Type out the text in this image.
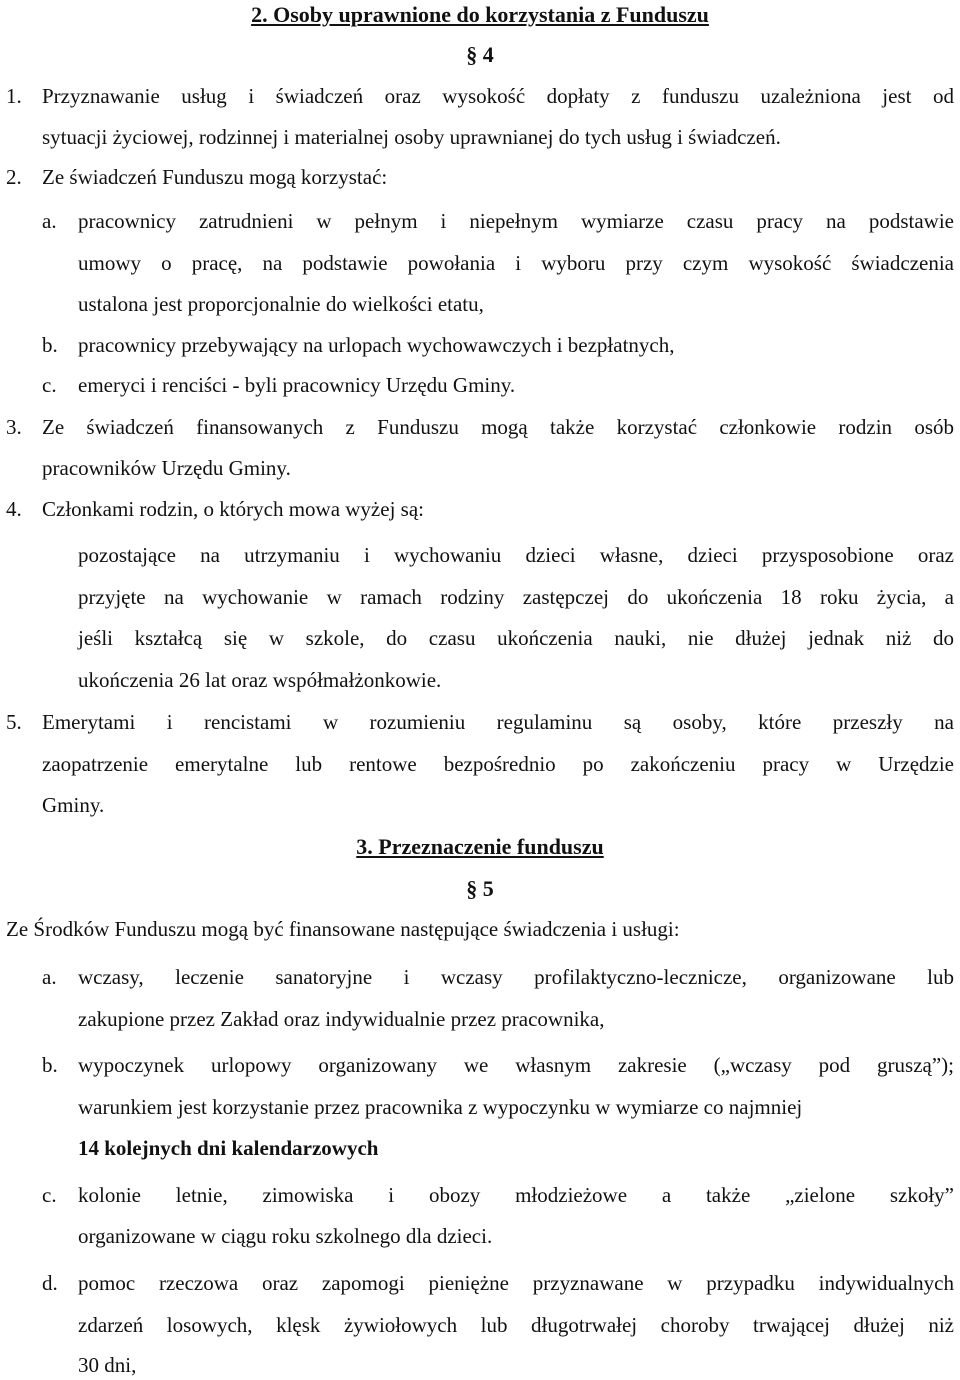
2. Osoby uprawnione do korzystania z Funduszu
§ 4
1. Przyznawanie usług i świadczeń oraz wysokość dopłaty z funduszu uzależniona jest od
sytuacji życiowej, rodzinnej i materialnej osoby uprawnianej do tych usług i świadczeń.
2. Ze świadczeń Funduszu mogą korzystać:
a. pracownicy zatrudnieni w pełnym i niepełnym wymiarze czasu pracy na podstawie
umowy o pracę, na podstawie powołania i wyboru przy czym wysokość świadczenia
ustalona jest proporcjonalnie do wielkości etatu,
b. pracownicy przebywający na urlopach wychowawczych i bezpłatnych,
c. emeryci i renciści - byli pracownicy Urzędu Gminy.
3. Ze świadczeń finansowanych z Funduszu mogą także korzystać członkowie rodzin osób
pracowników Urzędu Gminy.
4. Członkami rodzin, o których mowa wyżej są:
pozostające na utrzymaniu i wychowaniu dzieci własne, dzieci przysposobione oraz
przyjęte na wychowanie w ramach rodziny zastępczej do ukończenia 18 roku życia, a
jeśli kształcą się w szkole, do czasu ukończenia nauki, nie dłużej jednak niż do
ukończenia 26 lat oraz współmałżonkowie.
5. Emerytami i rencistami w rozumieniu regulaminu są osoby, które przeszły na
zaopatrzenie emerytalne lub rentowe bezpośrednio po zakończeniu pracy w Urzędzie
Gminy.
3. Przeznaczenie funduszu
§ 5
Ze Środków Funduszu mogą być finansowane następujące świadczenia i usługi:
a. wczasy, leczenie sanatoryjne i wczasy profilaktyczno-lecznicze, organizowane lub
zakupione przez Zakład oraz indywidualnie przez pracownika,
b. wypoczynek urlopowy organizowany we własnym zakresie („wczasy pod gruszą”);
warunkiem jest korzystanie przez pracownika z wypoczynku w wymiarze co najmniej
14 kolejnych dni kalendarzowych
c. kolonie letnie, zimowiska i obozy młodzieżowe a także „zielone szkoły”
organizowane w ciągu roku szkolnego dla dzieci.
d. pomoc rzeczowa oraz zapomogi pieniężne przyznawane w przypadku indywidualnych
zdarzeń losowych, klęsk żywiołowych lub długotrwałej choroby trwającej dłużej niż
30 dni,
